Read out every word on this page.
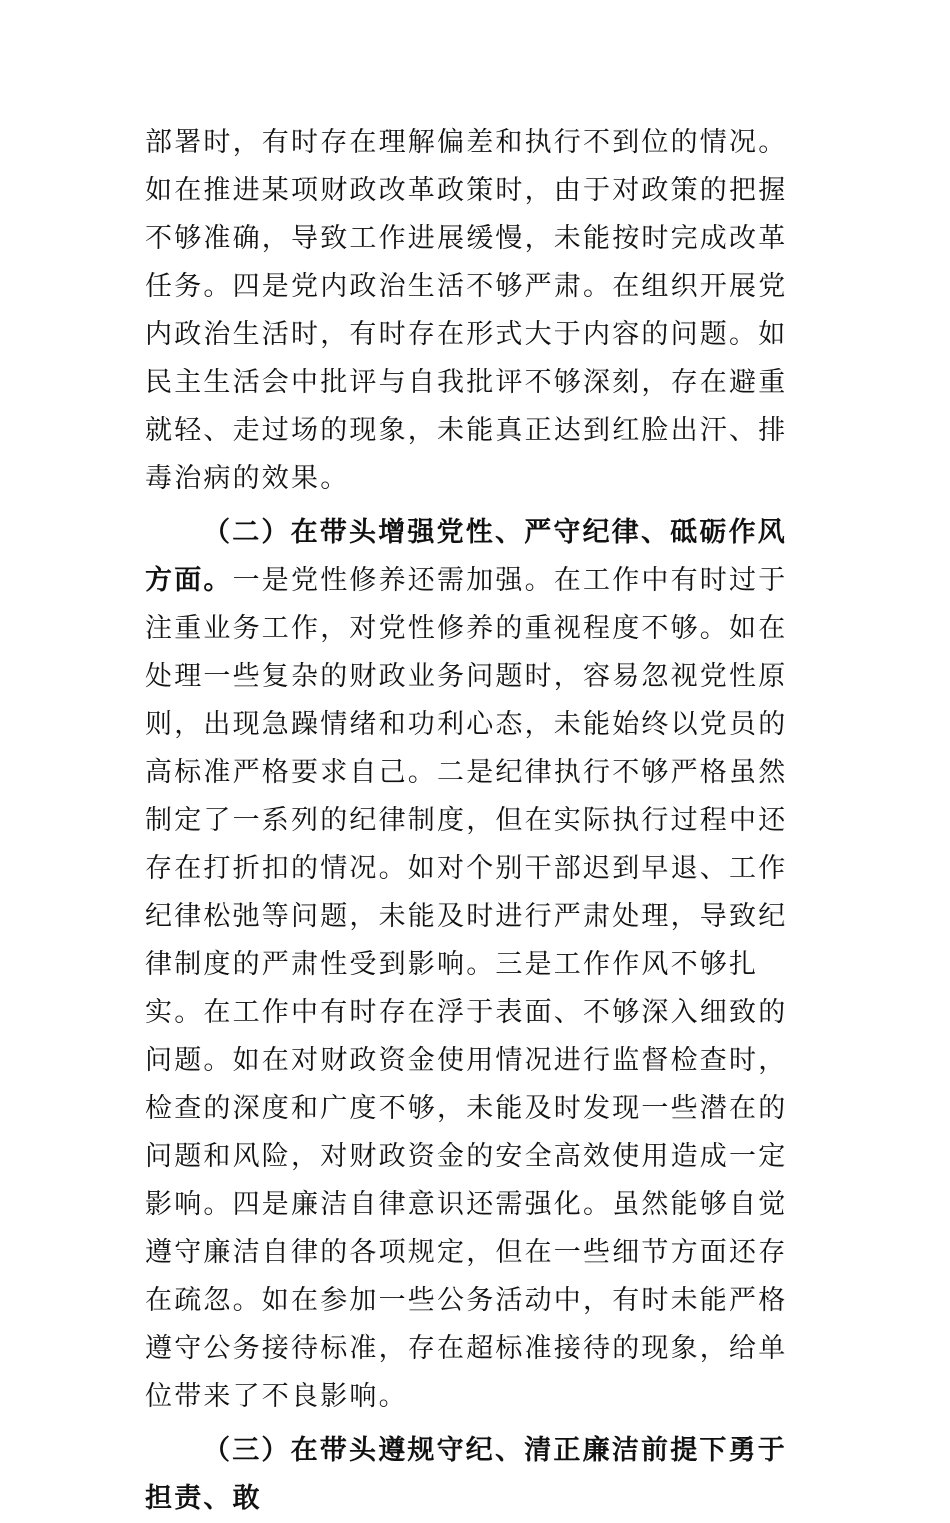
部署时，有时存在理解偏差和执行不到位的情况。如在推进某项财政改革政策时，由于对政策的把握不够准确，导致工作进展缓慢，未能按时完成改革任务。四是党内政治生活不够严肃。在组织开展党内政治生活时，有时存在形式大于内容的问题。如民主生活会中批评与自我批评不够深刻，存在避重就轻、走过场的现象，未能真正达到红脸出汗、排毒治病的效果。

（二）在带头增强党性、严守纪律、砥砺作风方面。一是党性修养还需加强。在工作中有时过于注重业务工作，对党性修养的重视程度不够。如在处理一些复杂的财政业务问题时，容易忽视党性原则，出现急躁情绪和功利心态，未能始终以党员的高标准严格要求自己。二是纪律执行不够严格虽然制定了一系列的纪律制度，但在实际执行过程中还存在打折扣的情况。如对个别干部迟到早退、工作纪律松弛等问题，未能及时进行严肃处理，导致纪律制度的严肃性受到影响。三是工作作风不够扎实。在工作中有时存在浮于表面、不够深入细致的问题。如在对财政资金使用情况进行监督检查时，检查的深度和广度不够，未能及时发现一些潜在的问题和风险，对财政资金的安全高效使用造成一定影响。四是廉洁自律意识还需强化。虽然能够自觉遵守廉洁自律的各项规定，但在一些细节方面还存在疏忽。如在参加一些公务活动中，有时未能严格遵守公务接待标准，存在超标准接待的现象，给单位带来了不良影响。

（三）在带头遵规守纪、清正廉洁前提下勇于担责、敢
